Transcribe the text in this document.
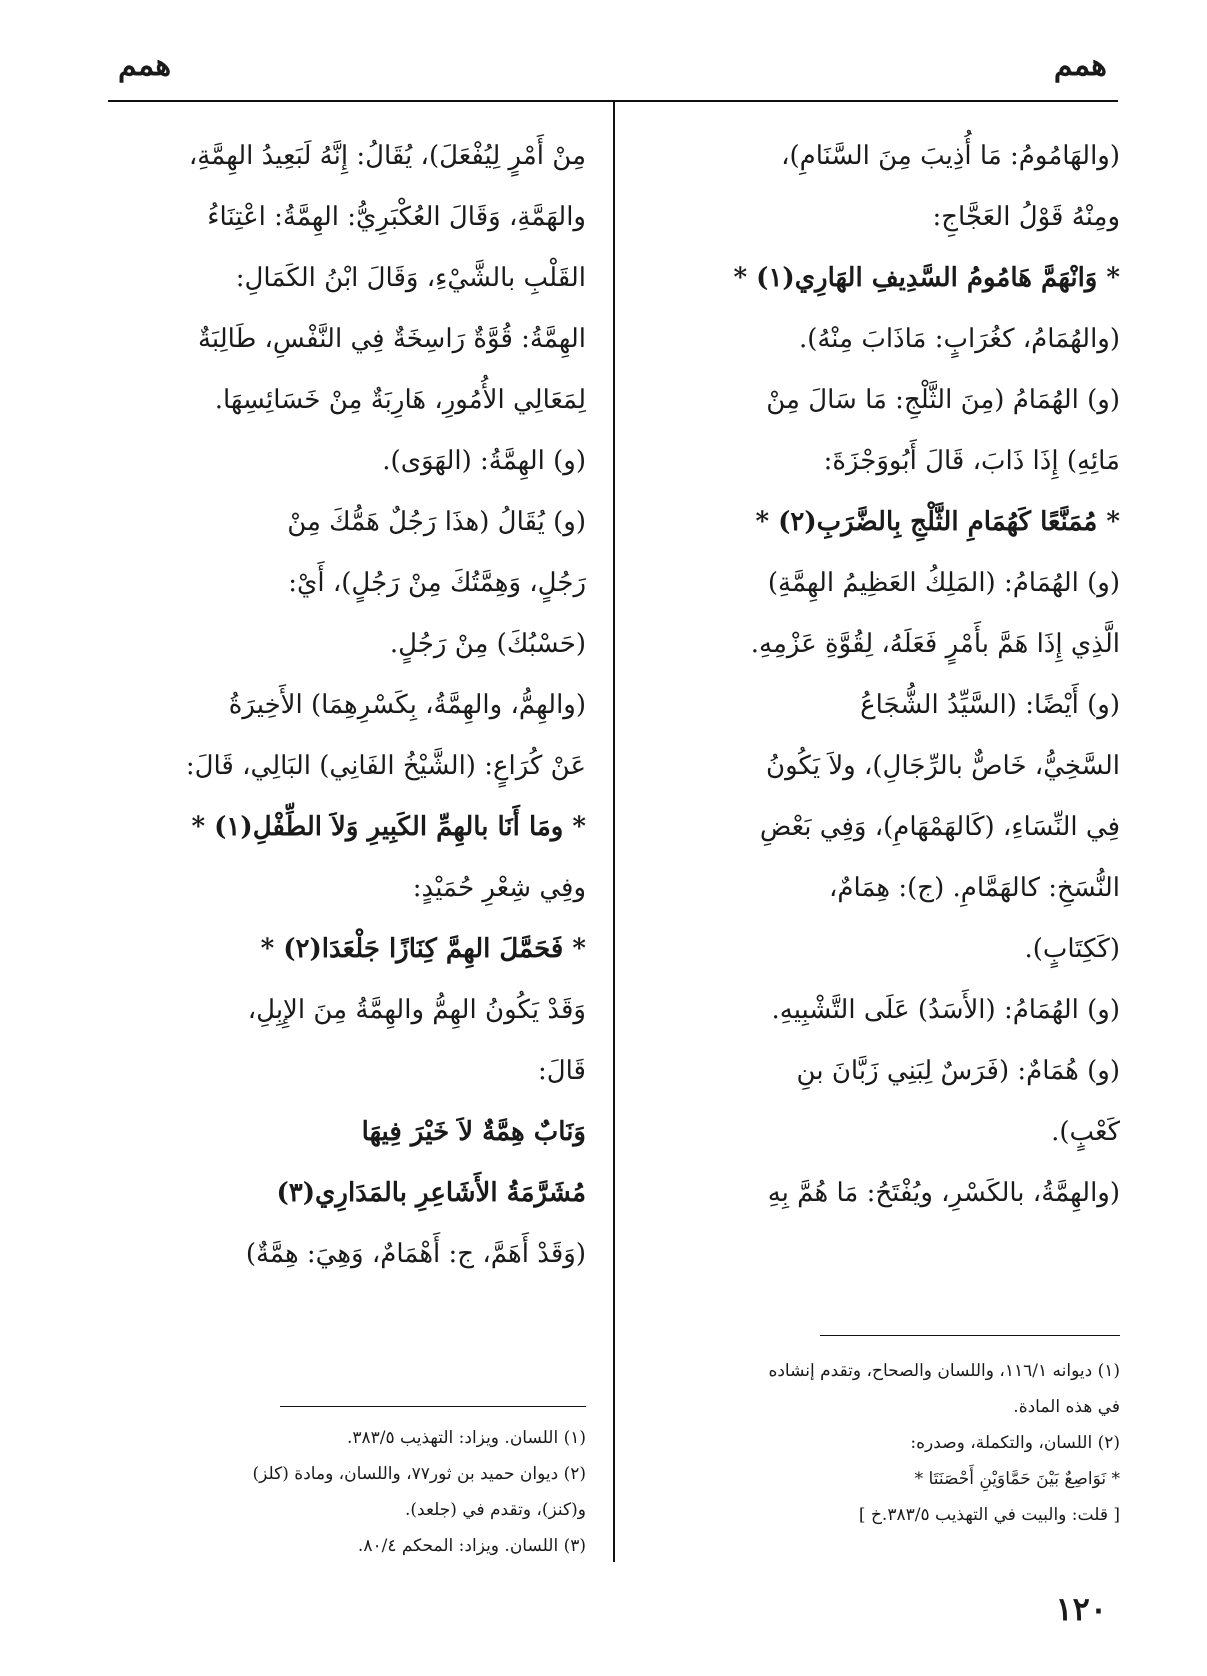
همم
همم
(والهَامُومُ: مَا أُذِيبَ مِنَ السَّنَامِ)،
ومِنْهُ قَوْلُ العَجَّاجِ:
* وَانْهَمَّ هَامُومُ السَّدِيفِ الهَارِي(١) *
(والهُمَامُ، كغُرَابٍ: مَاذَابَ مِنْهُ).
(و) الهُمَامُ (مِنَ الثَّلْجِ: مَا سَالَ مِنْ
مَائِهِ) إِذَا ذَابَ، قَالَ أَبُووَجْزَةَ:
* مُمَنَّعًا كَهُمَامِ الثَّلْجِ بِالضَّرَبِ(٢) *
(و) الهُمَامُ: (المَلِكُ العَظِيمُ الهِمَّةِ)
الَّذِي إِذَا هَمَّ بأَمْرٍ فَعَلَهُ، لِقُوَّةِ عَزْمِهِ.
(و) أَيْضًا: (السَّيِّدُ الشُّجَاعُ
السَّخِيُّ، خَاصٌّ بالرِّجَالِ)، ولاَ يَكُونُ
فِي النِّسَاءِ، (كَالهَمْهَامِ)، وَفِي بَعْضِ
النُّسَخِ: كالهَمَّامِ. (ج): هِمَامٌ،
(كَكِتَابٍ).
(و) الهُمَامُ: (الأَسَدُ) عَلَى التَّشْبِيهِ.
(و) هُمَامٌ: (فَرَسٌ لِبَنِي زَبَّانَ بنِ
كَعْبٍ).
(والهِمَّةُ، بالكَسْرِ، ويُفْتَحُ: مَا هُمَّ بِهِ
مِنْ أَمْرٍ لِيُفْعَلَ)، يُقَالُ: إِنَّهُ لَبَعِيدُ الهِمَّةِ،
والهَمَّةِ، وَقَالَ العُكْبَرِيُّ: الهِمَّةُ: اعْتِنَاءُ
القَلْبِ بالشَّيْءِ، وَقَالَ ابْنُ الكَمَالِ:
الهِمَّةُ: قُوَّةٌ رَاسِخَةٌ فِي النَّفْسِ، طَالِبَةٌ
لِمَعَالِي الأُمُورِ، هَارِبَةٌ مِنْ خَسَائِسِهَا.
(و) الهِمَّةُ: (الهَوَى).
(و) يُقَالُ (هذَا رَجُلٌ هَمُّكَ مِنْ
رَجُلٍ، وَهِمَّتُكَ مِنْ رَجُلٍ)، أَيْ:
(حَسْبُكَ) مِنْ رَجُلٍ.
(والهِمُّ، والهِمَّةُ، بِكَسْرِهِمَا) الأَخِيرَةُ
عَنْ كُرَاعٍ: (الشَّيْخُ الفَانِي) البَالِي، قَالَ:
* ومَا أَنَا بالهِمِّ الكَبِيرِ وَلاَ الطِّفْلِ(١) *
وفِي شِعْرِ حُمَيْدٍ:
* فَحَمَّلَ الهِمَّ كِنَازًا جَلْعَدَا(٢) *
وَقَدْ يَكُونُ الهِمُّ والهِمَّةُ مِنَ الإِبِلِ،
قَالَ:
وَنَابٌ هِمَّةٌ لاَ خَيْرَ فِيهَا
مُشَرَّمَةُ الأَشَاعِرِ بالمَدَارِي(٣)
(وَقَدْ أَهَمَّ، ج: أَهْمَامٌ، وَهِيَ: هِمَّةٌ)
(١) ديوانه ١١٦/١، واللسان والصحاح، وتقدم إنشاده
في هذه المادة.
(٢) اللسان، والتكملة، وصدره:
* نَوَاصِعٌ بَيْنَ حَمَّاوَيْنِ أَحْصَنَتَا *
[ قلت: والبيت في التهذيب ٣٨٣/٥.خ ]
(١) اللسان. ويزاد: التهذيب ٣٨٣/٥.
(٢) ديوان حميد بن ثور٧٧، واللسان، ومادة (كلز)
و(كنز)، وتقدم في (جلعد).
(٣) اللسان. ويزاد: المحكم ٨٠/٤.
١٢٠
